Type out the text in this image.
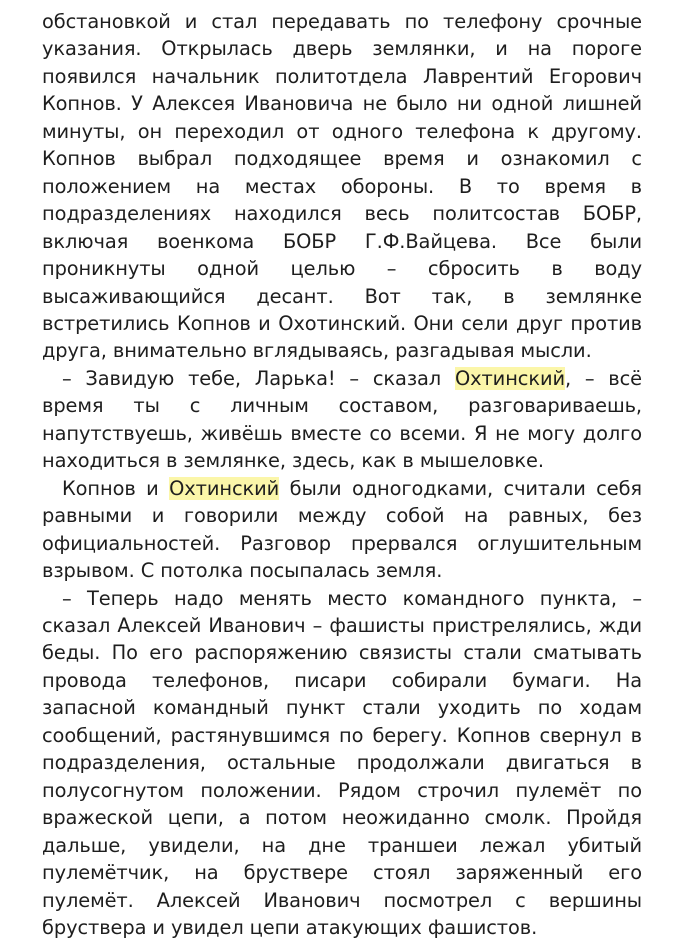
обстановкой и стал передавать по телефону срочные указания. Открылась дверь землянки, и на пороге появился начальник политотдела Лаврентий Егорович Копнов. У Алексея Ивановича не было ни одной лишней минуты, он переходил от одного телефона к другому. Копнов выбрал подходящее время и ознакомил с положением на местах обороны. В то время в подразделениях находился весь политсостав БОБР, включая военкома БОБР Г.Ф.Вайцева. Все были проникнуты одной целью – сбросить в воду высаживающийся десант. Вот так, в землянке встретились Копнов и Охотинский. Они сели друг против друга, внимательно вглядываясь, разгадывая мысли.

– Завидую тебе, Ларька! – сказал Охтинский, – всё время ты с личным составом, разговариваешь, напутствуешь, живёшь вместе со всеми. Я не могу долго находиться в землянке, здесь, как в мышеловке.

Копнов и Охтинский были одногодками, считали себя равными и говорили между собой на равных, без официальностей. Разговор прервался оглушительным взрывом. С потолка посыпалась земля.

– Теперь надо менять место командного пункта, – сказал Алексей Иванович – фашисты пристрелялись, жди беды. По его распоряжению связисты стали сматывать провода телефонов, писари собирали бумаги. На запасной командный пункт стали уходить по ходам сообщений, растянувшимся по берегу. Копнов свернул в подразделения, остальные продолжали двигаться в полусогнутом положении. Рядом строчил пулемёт по вражеской цепи, а потом неожиданно смолк. Пройдя дальше, увидели, на дне траншеи лежал убитый пулемётчик, на бруствере стоял заряженный его пулемёт. Алексей Иванович посмотрел с вершины бруствера и увидел цепи атакующих фашистов.
